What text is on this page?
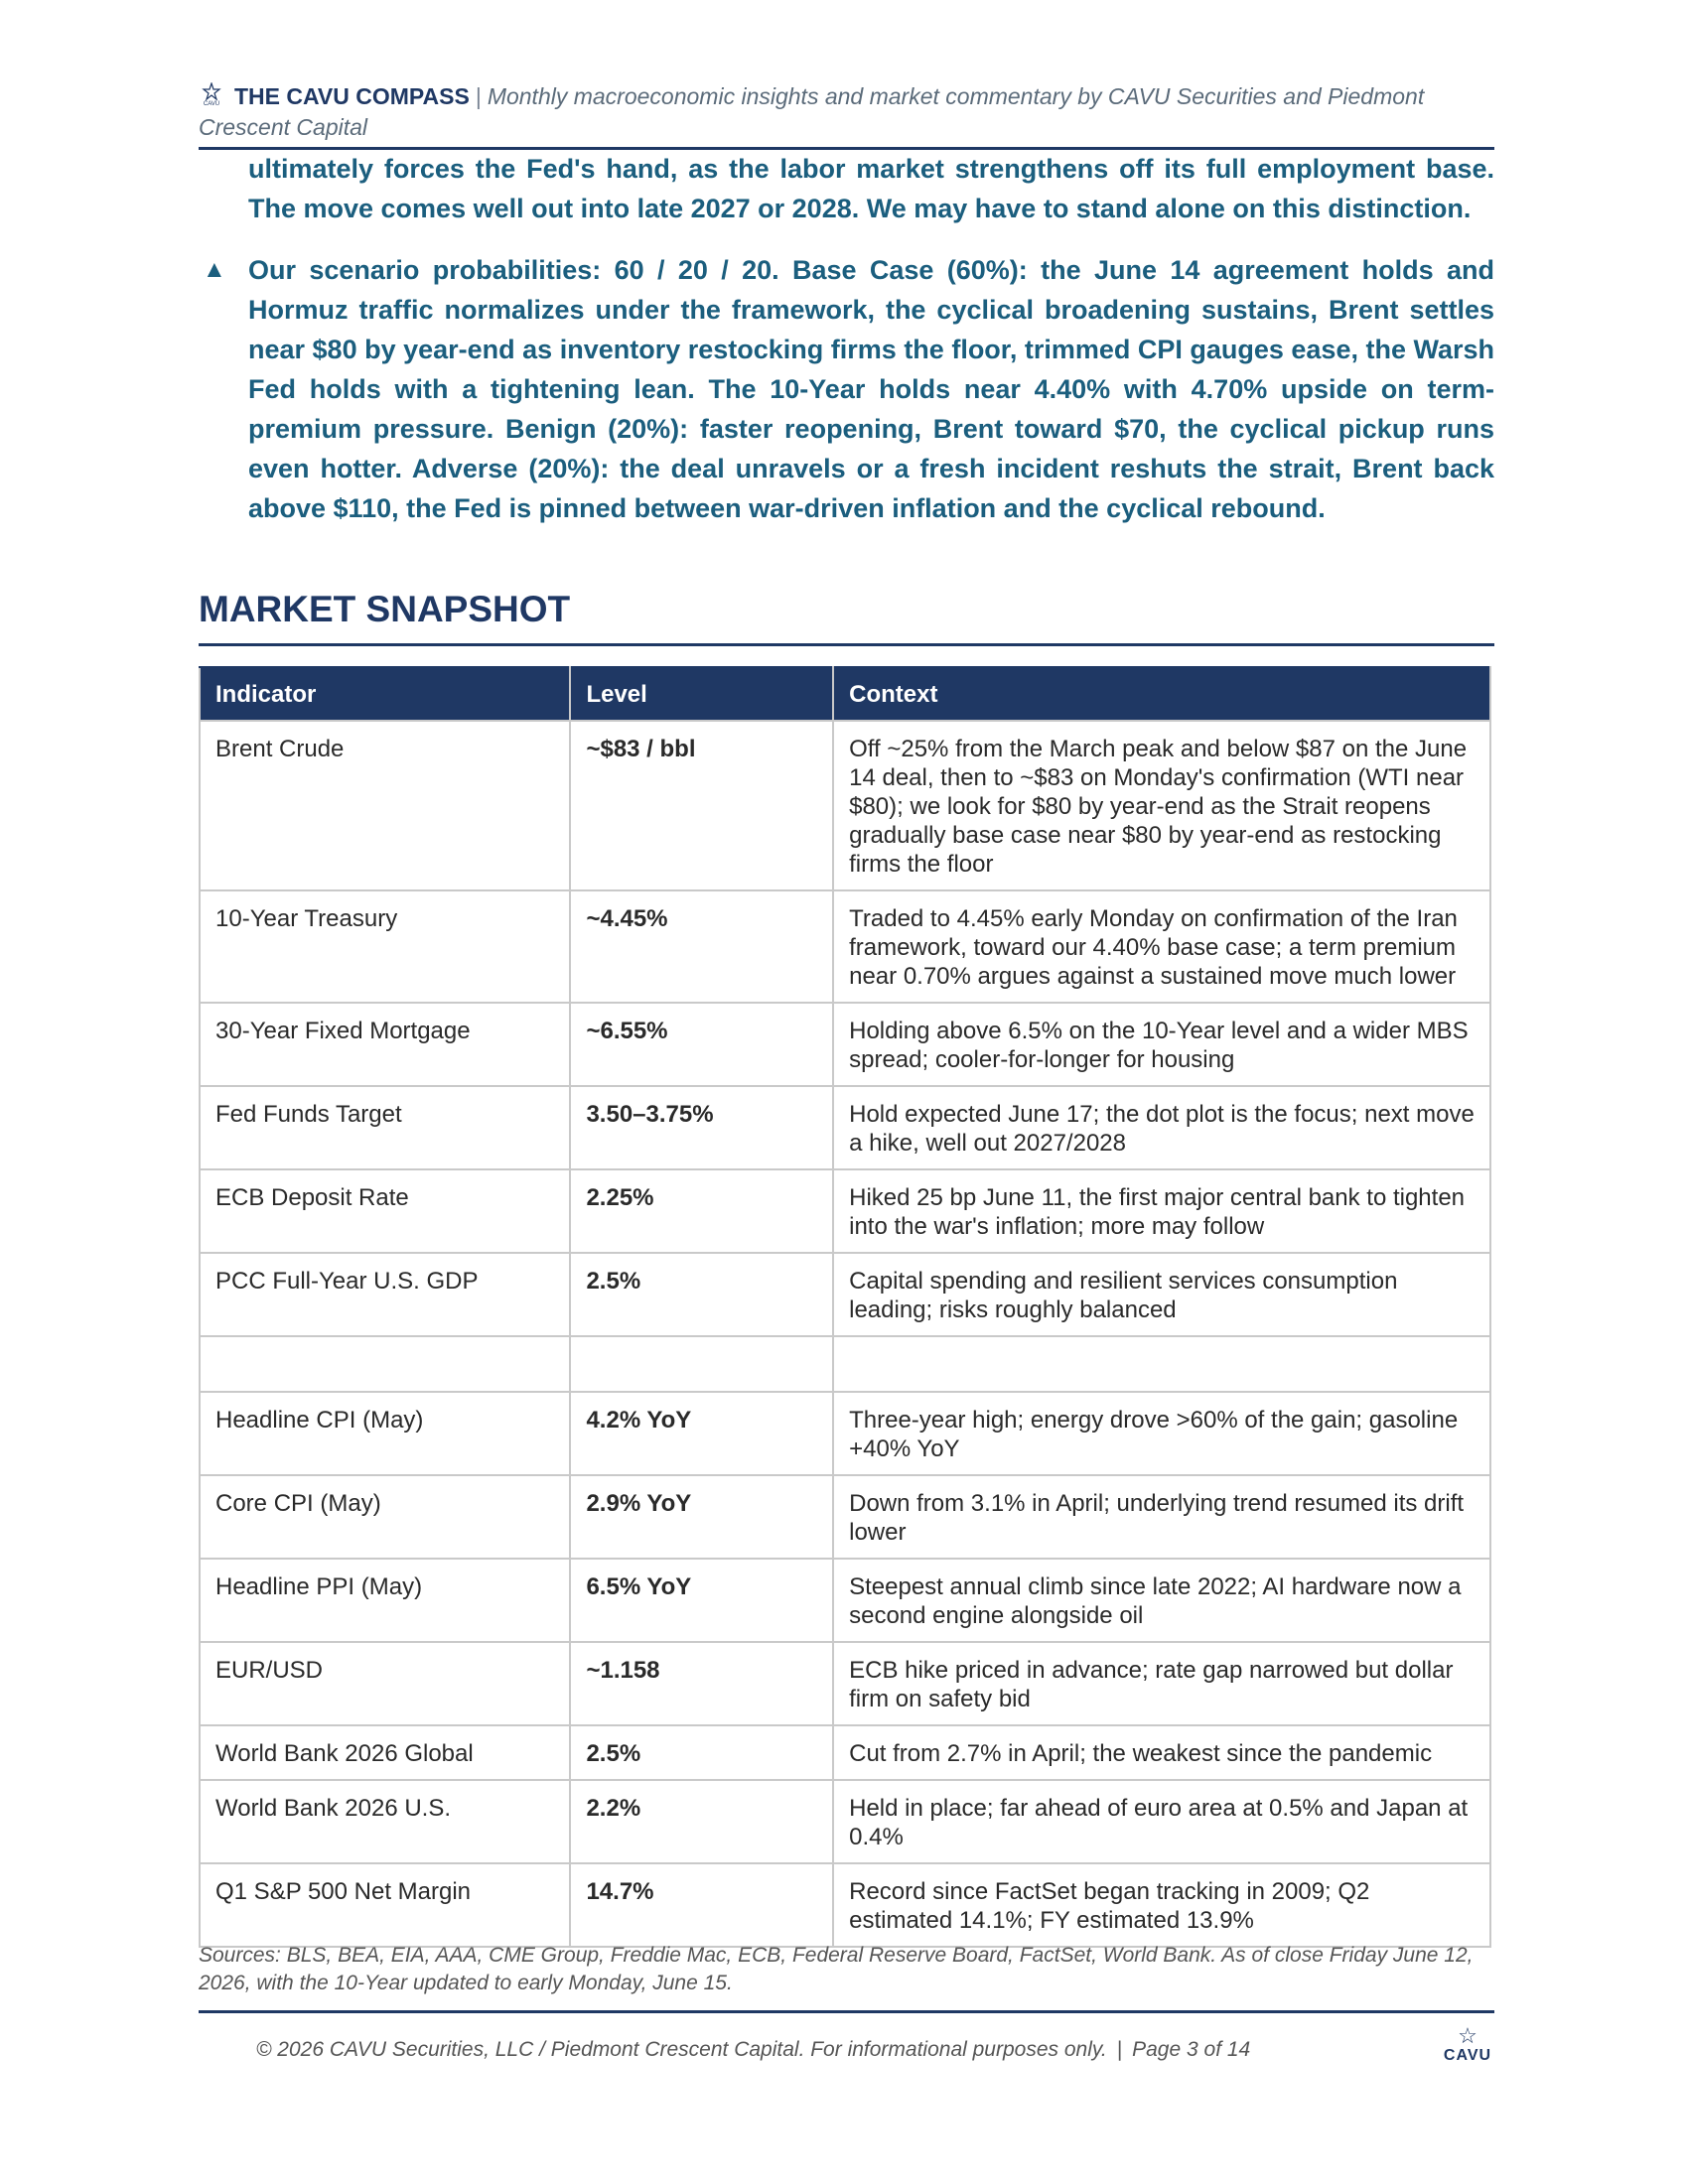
CAVU THE CAVU COMPASS | Monthly macroeconomic insights and market commentary by CAVU Securities and Piedmont Crescent Capital
ultimately forces the Fed's hand, as the labor market strengthens off its full employment base. The move comes well out into late 2027 or 2028. We may have to stand alone on this distinction.
▲ Our scenario probabilities: 60 / 20 / 20. Base Case (60%): the June 14 agreement holds and Hormuz traffic normalizes under the framework, the cyclical broadening sustains, Brent settles near $80 by year-end as inventory restocking firms the floor, trimmed CPI gauges ease, the Warsh Fed holds with a tightening lean. The 10-Year holds near 4.40% with 4.70% upside on term-premium pressure. Benign (20%): faster reopening, Brent toward $70, the cyclical pickup runs even hotter. Adverse (20%): the deal unravels or a fresh incident reshuts the strait, Brent back above $110, the Fed is pinned between war-driven inflation and the cyclical rebound.
MARKET SNAPSHOT
Indicator	Level	Context
Brent Crude	~$83 / bbl	Off ~25% from the March peak and below $87 on the June 14 deal, then to ~$83 on Monday's confirmation (WTI near $80); we look for $80 by year-end as the Strait reopens gradually base case near $80 by year-end as restocking firms the floor
10-Year Treasury	~4.45%	Traded to 4.45% early Monday on confirmation of the Iran framework, toward our 4.40% base case; a term premium near 0.70% argues against a sustained move much lower
30-Year Fixed Mortgage	~6.55%	Holding above 6.5% on the 10-Year level and a wider MBS spread; cooler-for-longer for housing
Fed Funds Target	3.50–3.75%	Hold expected June 17; the dot plot is the focus; next move a hike, well out 2027/2028
ECB Deposit Rate	2.25%	Hiked 25 bp June 11, the first major central bank to tighten into the war's inflation; more may follow
PCC Full-Year U.S. GDP	2.5%	Capital spending and resilient services consumption leading; risks roughly balanced

Headline CPI (May)	4.2% YoY	Three-year high; energy drove >60% of the gain; gasoline +40% YoY
Core CPI (May)	2.9% YoY	Down from 3.1% in April; underlying trend resumed its drift lower
Headline PPI (May)	6.5% YoY	Steepest annual climb since late 2022; AI hardware now a second engine alongside oil
EUR/USD	~1.158	ECB hike priced in advance; rate gap narrowed but dollar firm on safety bid
World Bank 2026 Global	2.5%	Cut from 2.7% in April; the weakest since the pandemic
World Bank 2026 U.S.	2.2%	Held in place; far ahead of euro area at 0.5% and Japan at 0.4%
Q1 S&P 500 Net Margin	14.7%	Record since FactSet began tracking in 2009; Q2 estimated 14.1%; FY estimated 13.9%
Sources: BLS, BEA, EIA, AAA, CME Group, Freddie Mac, ECB, Federal Reserve Board, FactSet, World Bank. As of close Friday June 12, 2026, with the 10-Year updated to early Monday, June 15.
© 2026 CAVU Securities, LLC / Piedmont Crescent Capital. For informational purposes only. | Page 3 of 14
☆
CAVU
